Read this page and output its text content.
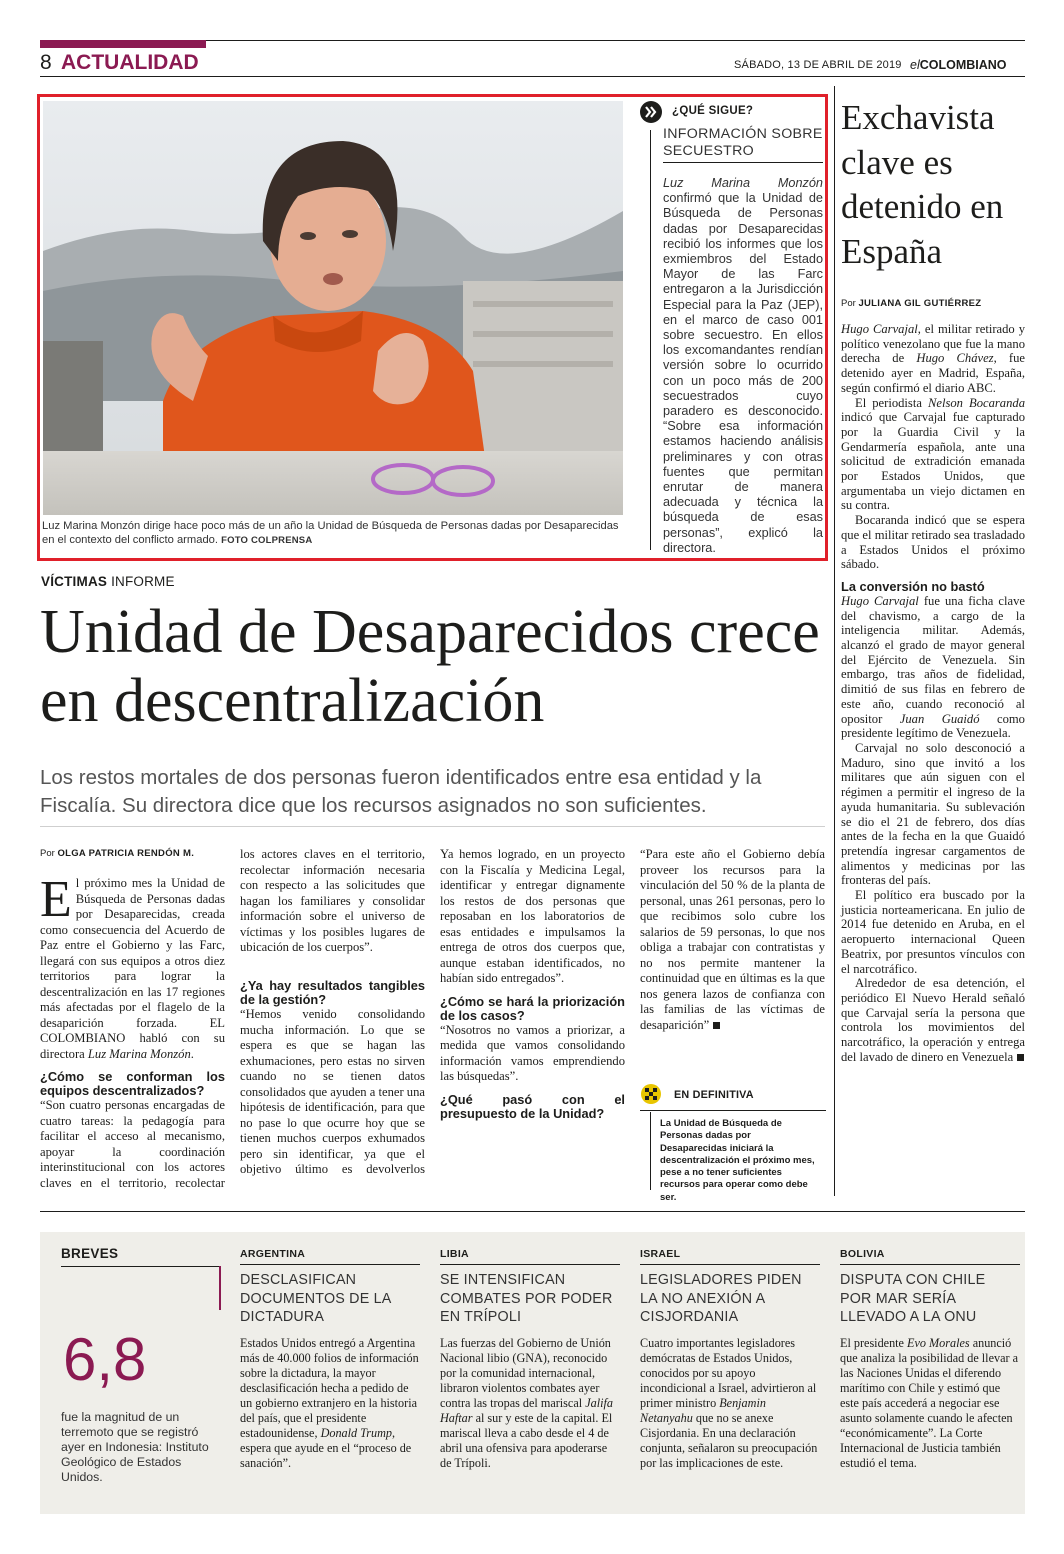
8 ACTUALIDAD	SÁBADO, 13 DE ABRIL DE 2019 elCOLOMBIANO
Luz Marina Monzón dirige hace poco más de un año la Unidad de Búsqueda de Personas dadas por Desaparecidas en el contexto del conflicto armado. FOTO COLPRENSA
¿QUÉ SIGUE?
INFORMACIÓN SOBRE SECUESTRO
Luz Marina Monzón confirmó que la Unidad de Búsqueda de Personas dadas por Desaparecidas recibió los informes que los exmiembros del Estado Mayor de las Farc entregaron a la Jurisdicción Especial para la Paz (JEP), en el marco de caso 001 sobre secuestro. En ellos los excomandantes rendían versión sobre lo ocurrido con un poco más de 200 secuestrados cuyo paradero es desconocido. “Sobre esa información estamos haciendo análisis preliminares y con otras fuentes que permitan enrutar de manera adecuada y técnica la búsqueda de esas personas”, explicó la directora.
Exchavista clave es detenido en España
Por JULIANA GIL GUTIÉRREZ

Hugo Carvajal, el militar retirado y político venezolano que fue la mano derecha de Hugo Chávez, fue detenido ayer en Madrid, España, según confirmó el diario ABC.

El periodista Nelson Bocaranda indicó que Carvajal fue capturado por la Guardia Civil y la Gendarmería española, ante una solicitud de extradición emanada por Estados Unidos, que argumentaba un viejo dictamen en su contra.

Bocaranda indicó que se espera que el militar retirado sea trasladado a Estados Unidos el próximo sábado.

La conversión no bastó

Hugo Carvajal fue una ficha clave del chavismo, a cargo de la inteligencia militar. Además, alcanzó el grado de mayor general del Ejército de Venezuela. Sin embargo, tras años de fidelidad, dimitió de sus filas en febrero de este año, cuando reconoció al opositor Juan Guaidó como presidente legítimo de Venezuela.

Carvajal no solo desconoció a Maduro, sino que invitó a los militares que aún siguen con el régimen a permitir el ingreso de la ayuda humanitaria. Su sublevación se dio el 21 de febrero, dos días antes de la fecha en la que Guaidó pretendía ingresar cargamentos de alimentos y medicinas por las fronteras del país.

El político era buscado por la justicia norteamericana. En julio de 2014 fue detenido en Aruba, en el aeropuerto internacional Queen Beatrix, por presuntos vínculos con el narcotráfico.

Alrededor de esa detención, el periódico El Nuevo Herald señaló que Carvajal sería la persona que controla los movimientos del narcotráfico, la operación y entrega del lavado de dinero en Venezuela

VÍCTIMAS INFORME
Unidad de Desaparecidos crece en descentralización
Los restos mortales de dos personas fueron identificados entre esa entidad y la Fiscalía. Su directora dice que los recursos asignados no son suficientes.
Por OLGA PATRICIA RENDÓN M.

El próximo mes la Unidad de Búsqueda de Personas dadas por Desaparecidas, creada como consecuencia del Acuerdo de Paz entre el Gobierno y las Farc, llegará con sus equipos a otros diez territorios para lograr la descentralización en las 17 regiones más afectadas por el flagelo de la desaparición forzada. EL COLOMBIANO habló con su directora Luz Marina Monzón.

¿Cómo se conforman los equipos descentralizados?

“Son cuatro personas encargadas de cuatro tareas: la pedagogía para facilitar el acceso al mecanismo, apoyar la coordinación interinstitucional con los actores claves en el territorio, recolectar

los actores claves en el territorio, recolectar información necesaria con respecto a las solicitudes que hagan los familiares y consolidar información sobre el universo de víctimas y los posibles lugares de ubicación de los cuerpos”.

¿Ya hay resultados tangibles de la gestión?

“Hemos venido consolidando mucha información. Lo que se espera es que se hagan las exhumaciones, pero estas no sirven cuando no se tienen datos consolidados que ayuden a tener una hipótesis de identificación, para que no pase lo que ocurre hoy que se tienen muchos cuerpos exhumados pero sin identificar, ya que el objetivo último es devolverlos

Ya hemos logrado, en un proyecto con la Fiscalía y Medicina Legal, identificar y entregar dignamente los restos de dos personas que reposaban en los laboratorios de esas entidades e impulsamos la entrega de otros dos cuerpos que, aunque estaban identificados, no habían sido entregados”.

¿Cómo se hará la priorización de los casos?

“Nosotros no vamos a priorizar, a medida que vamos consolidando información vamos emprendiendo las búsquedas”.

¿Qué pasó con el presupuesto de la Unidad?

“Para este año el Gobierno debía proveer los recursos para la vinculación del 50 % de la planta de personal, unas 261 personas, pero lo que recibimos solo cubre los salarios de 59 personas, lo que nos obliga a trabajar con contratistas y no nos permite mantener la continuidad que en últimas es la que nos genera lazos de confianza con las familias de las víctimas de desaparición”

EN DEFINITIVA
La Unidad de Búsqueda de Personas dadas por Desaparecidas iniciará la descentralización el próximo mes, pese a no tener suficientes recursos para operar como debe ser.
BREVES
6,8
fue la magnitud de un terremoto que se registró ayer en Indonesia: Instituto Geológico de Estados Unidos.
ARGENTINA
DESCLASIFICAN DOCUMENTOS DE LA DICTADURA

Estados Unidos entregó a Argentina más de 40.000 folios de información sobre la dictadura, la mayor desclasificación hecha a pedido de un gobierno extranjero en la historia del país, que el presidente estadounidense, Donald Trump, espera que ayude en el “proceso de sanación”.

LIBIA
SE INTENSIFICAN COMBATES POR PODER EN TRÍPOLI

Las fuerzas del Gobierno de Unión Nacional libio (GNA), reconocido por la comunidad internacional, libraron violentos combates ayer contra las tropas del mariscal Jalifa Haftar al sur y este de la capital. El mariscal lleva a cabo desde el 4 de abril una ofensiva para apoderarse de Trípoli.

ISRAEL
LEGISLADORES PIDEN LA NO ANEXIÓN A CISJORDANIA

Cuatro importantes legisladores demócratas de Estados Unidos, conocidos por su apoyo incondicional a Israel, advirtieron al primer ministro Benjamin Netanyahu que no se anexe Cisjordania. En una declaración conjunta, señalaron su preocupación por las implicaciones de este.

BOLIVIA
DISPUTA CON CHILE POR MAR SERÍA LLEVADO A LA ONU

El presidente Evo Morales anunció que analiza la posibilidad de llevar a las Naciones Unidas el diferendo marítimo con Chile y estimó que este país accederá a negociar ese asunto solamente cuando le afecten “económicamente”. La Corte Internacional de Justicia también estudió el tema.
